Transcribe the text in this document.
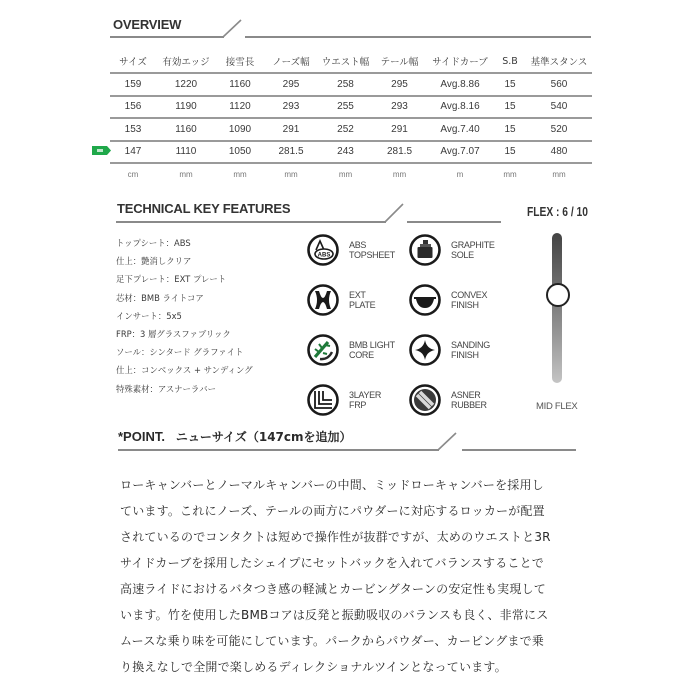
OVERVIEW
サイズ	有効エッジ	接雪長	ノーズ幅	ウエスト幅	テール幅	サイドカーブ	S.B	基準スタンス
159	1220	1160	295	258	295	Avg.8.86	15	560
156	1190	1120	293	255	293	Avg.8.16	15	540
153	1160	1090	291	252	291	Avg.7.40	15	520
147	1110	1050	281.5	243	281.5	Avg.7.07	15	480
cm	mm	mm	mm	mm	mm	m	mm	mm
TECHNICAL KEY FEATURES
トップシート：ABS
仕上：艶消しクリア
足下プレート：EXT プレート
芯材：BMB ライトコア
インサート：5x5
FRP：3 層グラスファブリック
ソール：シンタード グラファイト
仕上：コンベックス + サンディング
特殊素材：アスナーラバー
ABS
ABS
TOPSHEET
GRAPHITE
SOLE
EXT
PLATE
CONVEX
FINISH
BMB LIGHT
CORE
SANDING
FINISH
3LAYER
FRP
ASNER
RUBBER
FLEX : 6 / 10
MID FLEX
*POINT. ニューサイズ（147cmを追加）

ローキャンバーとノーマルキャンバーの中間、ミッドローキャンバーを採用し
ています。これにノーズ、テールの両方にパウダーに対応するロッカーが配置
されているのでコンタクトは短めで操作性が抜群ですが、太めのウエストと3R
サイドカーブを採用したシェイプにセットバックを入れてバランスすることで
高速ライドにおけるバタつき感の軽減とカービングターンの安定性も実現して
います。竹を使用したBMBコアは反発と振動吸収のバランスも良く、非常にス
ムースな乗り味を可能にしています。パークからパウダー、カービングまで乗
り換えなしで全開で楽しめるディレクショナルツインとなっています。
